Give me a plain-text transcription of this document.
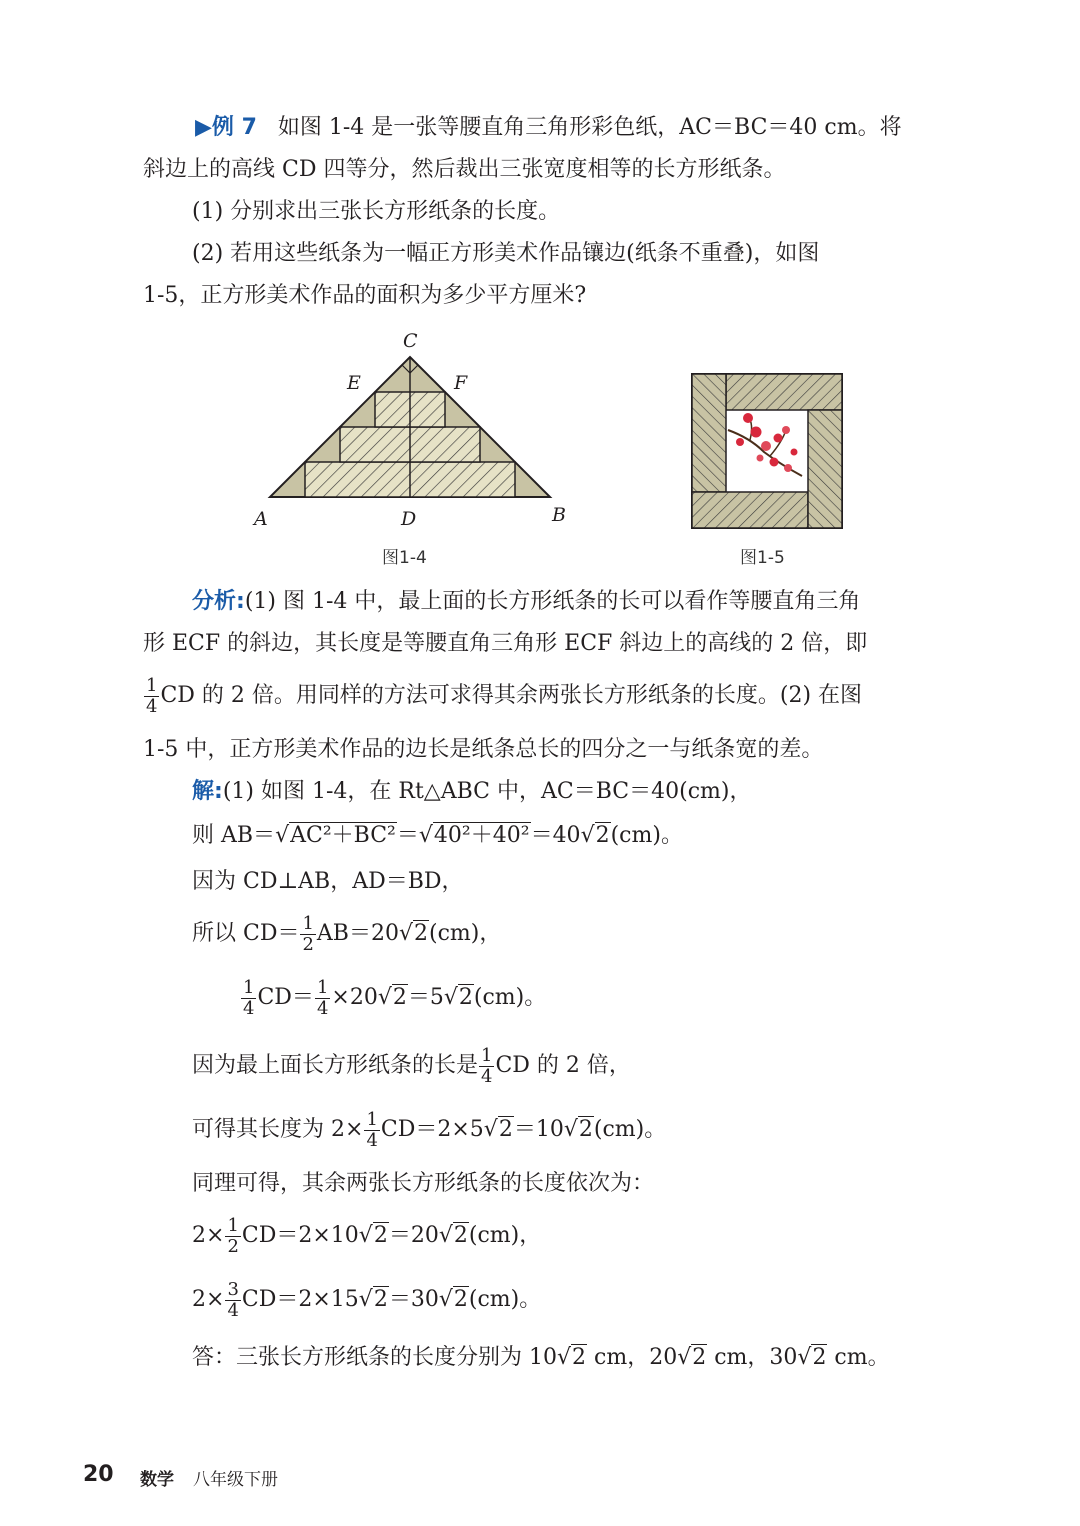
▶例 7 如图 1-4 是一张等腰直角三角形彩色纸，AC＝BC＝40 cm。将
斜边上的高线 CD 四等分，然后裁出三张宽度相等的长方形纸条。
(1) 分别求出三张长方形纸条的长度。
(2) 若用这些纸条为一幅正方形美术作品镶边(纸条不重叠)，如图
1-5，正方形美术作品的面积为多少平方厘米?
A	B
C
D
E	F
图1-4	图1-5
分析:(1) 图 1-4 中，最上面的长方形纸条的长可以看作等腰直角三角
形 ECF 的斜边，其长度是等腰直角三角形 ECF 斜边上的高线的 2 倍，即
$\frac{1}{4}$ CD 的 2 倍。用同样的方法可求得其余两张长方形纸条的长度。(2) 在图
1-5 中，正方形美术作品的边长是纸条总长的四分之一与纸条宽的差。
解:(1) 如图 1-4，在 Rt△ABC 中，AC＝BC＝40(cm)，
则 AB＝√AC²＋BC²＝√40²＋40²＝40√2(cm)。
因为 CD⊥AB，AD＝BD，
所以 $CD= \frac{1}{2} AB=20√2(cm)$，
$\frac{1}{4} CD= \frac{1}{4} \times 20√2=5√2(cm)$。
因为最上面长方形纸条的长是 $\frac{1}{4}$ CD 的 2 倍，
可得其长度为 $2\times \frac{1}{4} CD=2\times 5√2=10√2(cm)$。
同理可得，其余两张长方形纸条的长度依次为：
$2\times \frac{1}{2} CD=2\times 10√2=20√2(cm)$，
$2\times \frac{3}{4} CD=2\times 15√2=30√2(cm)$。
答：三张长方形纸条的长度分别为 10√2 cm，20√2 cm，30√2 cm。
20 数学 八年级下册
